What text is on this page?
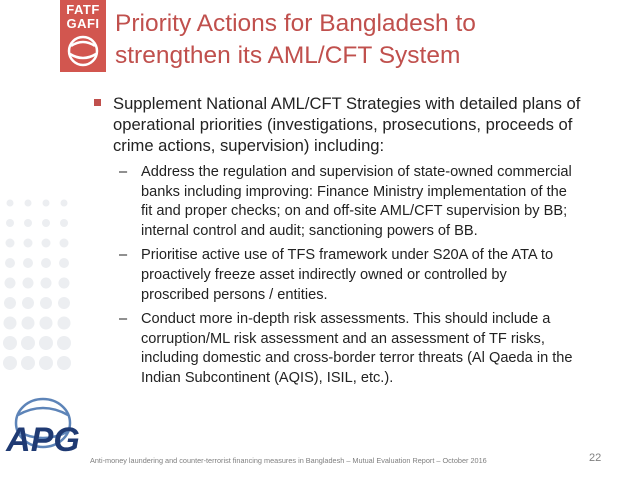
FATF
GAFI Priority Actions for Bangladesh to
strengthen its AML/CFT System
Supplement National AML/CFT Strategies with detailed plans of
operational priorities (investigations, prosecutions, proceeds of
crime actions, supervision) including:
– Address the regulation and supervision of state-owned commercial
banks including improving: Finance Ministry implementation of the
fit and proper checks; on and off-site AML/CFT supervision by BB;
internal control and audit; sanctioning powers of BB.
– Prioritise active use of TFS framework under S20A of the ATA to
proactively freeze asset indirectly owned or controlled by
proscribed persons / entities.
– Conduct more in-depth risk assessments. This should include a
corruption/ML risk assessment and an assessment of TF risks,
including domestic and cross-border terror threats (Al Qaeda in the
Indian Subcontinent (AQIS), ISIL, etc.).
APG
Anti-money laundering and counter-terrorist financing measures in Bangladesh – Mutual Evaluation Report – October 2016	22
